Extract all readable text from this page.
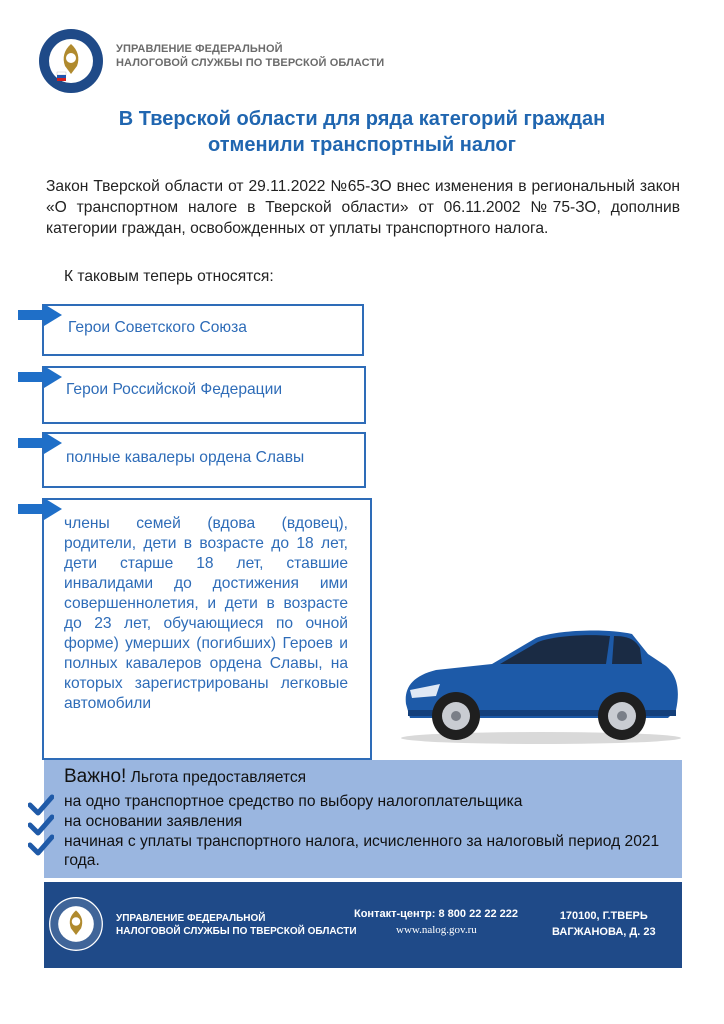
УПРАВЛЕНИЕ ФЕДЕРАЛЬНОЙ
НАЛОГОВОЙ СЛУЖБЫ ПО ТВЕРСКОЙ ОБЛАСТИ
В Тверской области для ряда категорий граждан
отменили транспортный налог
Закон Тверской области от 29.11.2022 №65-ЗО внес изменения в региональный закон «О транспортном налоге в Тверской области» от 06.11.2002 №75-ЗО, дополнив категории граждан, освобожденных от уплаты транспортного налога.
К таковым теперь относятся:
Герои Советского Союза
Герои Российской Федерации
полные кавалеры ордена Славы
члены семей (вдова (вдовец), родители, дети в возрасте до 18 лет, дети старше 18 лет, ставшие инвалидами до достижения ими совершеннолетия, и дети в возрасте до 23 лет, обучающиеся по очной форме) умерших (погибших) Героев и полных кавалеров ордена Славы, на которых зарегистрированы легковые автомобили
Важно! Льгота предоставляется
на одно транспортное средство по выбору налогоплательщика
на основании заявления
начиная с уплаты транспортного налога, исчисленного за налоговый период 2021 года.
УПРАВЛЕНИЕ ФЕДЕРАЛЬНОЙ
НАЛОГОВОЙ СЛУЖБЫ ПО ТВЕРСКОЙ ОБЛАСТИ
Контакт-центр: 8 800 22 22 222
www.nalog.gov.ru
170100, Г.ТВЕРЬ
ВАГЖАНОВА, Д. 23
